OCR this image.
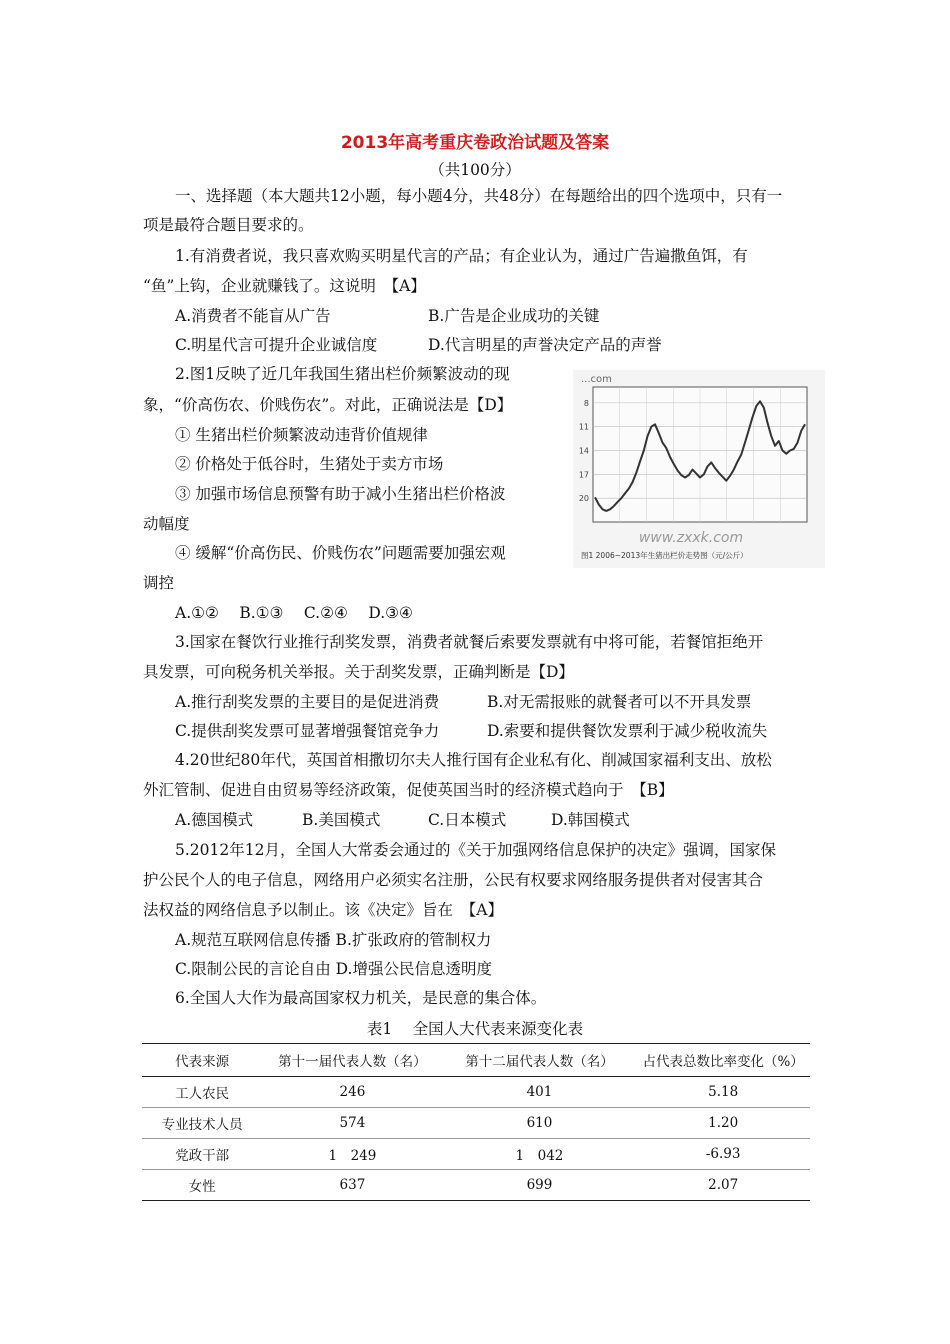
2013年高考重庆卷政治试题及答案
（共100分）
一、选择题（本大题共12小题，每小题4分，共48分）在每题给出的四个选项中，只有一
项是最符合题目要求的。
1.有消费者说，我只喜欢购买明星代言的产品；有企业认为，通过广告遍撒鱼饵，有
“鱼”上钩，企业就赚钱了。这说明　【A】
A.消费者不能盲从广告	B.广告是企业成功的关键
C.明星代言可提升企业诚信度	D.代言明星的声誉决定产品的声誉
2.图1反映了近几年我国生猪出栏价频繁波动的现
象，“价高伤农、价贱伤农”。对此，正确说法是【D】
① 生猪出栏价频繁波动违背价值规律
② 价格处于低谷时，生猪处于卖方市场
③ 加强市场信息预警有助于减小生猪出栏价格波
动幅度
④ 缓解“价高伤民、价贱伤农”问题需要加强宏观
调控
A.①②　 B.①③　 C.②④　 D.③④
...com
20
17
14
11
8
www.zxxk.com
图1 2006~2013年生猪出栏价走势图（元/公斤）
3.国家在餐饮行业推行刮奖发票，消费者就餐后索要发票就有中将可能，若餐馆拒绝开
具发票，可向税务机关举报。关于刮奖发票，正确判断是【D】
A.推行刮奖发票的主要目的是促进消费	B.对无需报账的就餐者可以不开具发票
C.提供刮奖发票可显著增强餐馆竞争力	D.索要和提供餐饮发票利于减少税收流失
4.20世纪80年代，英国首相撒切尔夫人推行国有企业私有化、削减国家福利支出、放松
外汇管制、促进自由贸易等经济政策，促使英国当时的经济模式趋向于　【B】
A.德国模式	B.美国模式	C.日本模式	D.韩国模式
5.2012年12月，全国人大常委会通过的《关于加强网络信息保护的决定》强调，国家保
护公民个人的电子信息，网络用户必须实名注册，公民有权要求网络服务提供者对侵害其合
法权益的网络信息予以制止。该《决定》旨在　【A】
A.规范互联网信息传播 B.扩张政府的管制权力
C.限制公民的言论自由 D.增强公民信息透明度
6.全国人大作为最高国家权力机关，是民意的集合体。
表1　 全国人大代表来源变化表
代表来源	第十一届代表人数（名）	第十二届代表人数（名）	占代表总数比率变化（%）
工人农民	246	401	5.18
专业技术人员	574	610	1.20
党政干部	1　249	1　042	-6.93
女性	637	699	2.07
